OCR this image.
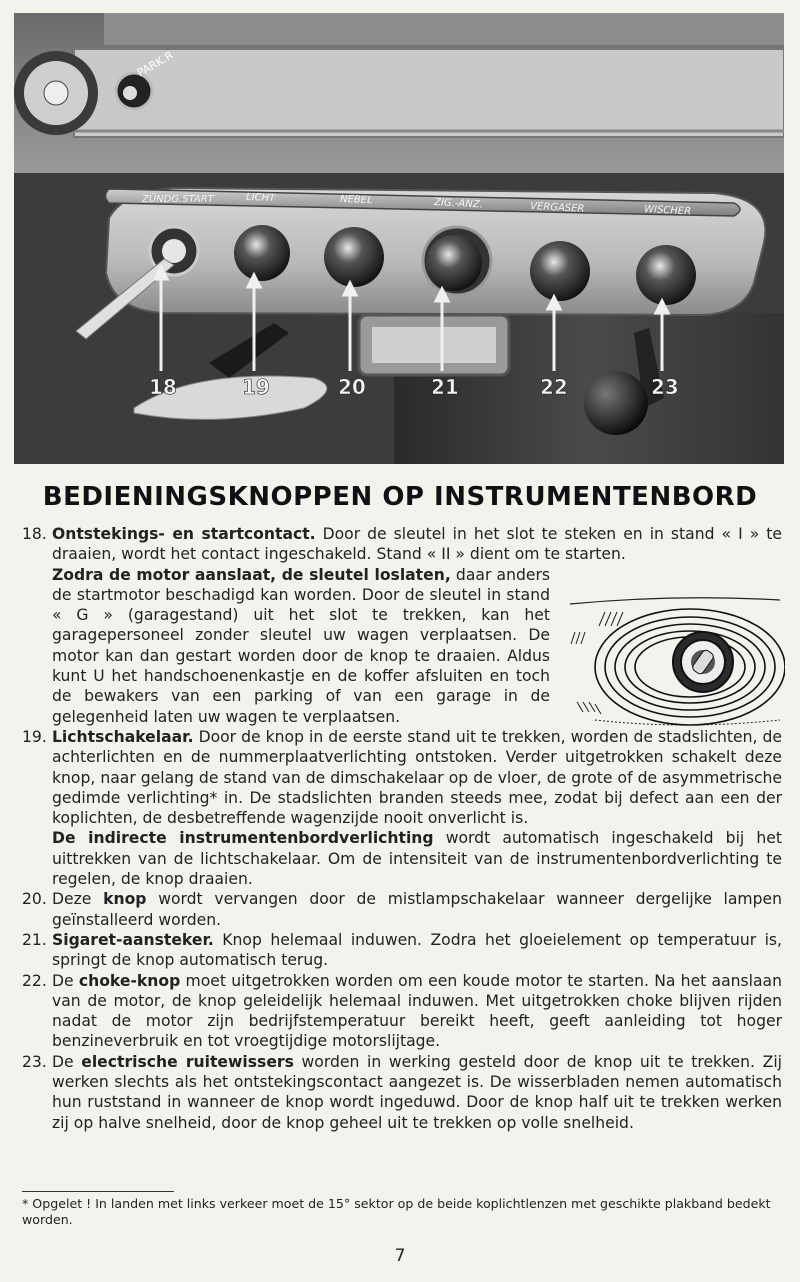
PARK.R
ZÜNDG.START	LICHT	NEBEL	ZIG.-ANZ.	VERGASER	WISCHER
18	19	20	21	22	23
BEDIENINGSKNOPPEN OP INSTRUMENTENBORD
18. Ontstekings- en startcontact. Door de sleutel in het slot te steken en in stand « I » te draaien, wordt het contact ingeschakeld. Stand « II » dient om te starten.
Zodra de motor aanslaat, de sleutel loslaten, daar anders de startmotor beschadigd kan worden. Door de sleutel in stand « G » (garagestand) uit het slot te trekken, kan het garagepersoneel zonder sleutel uw wagen verplaatsen. De motor kan dan gestart worden door de knop te draaien. Aldus kunt U het handschoenenkastje en de koffer afsluiten en toch de bewakers van een parking of van een garage in de gelegenheid laten uw wagen te verplaatsen.
19. Lichtschakelaar. Door de knop in de eerste stand uit te trekken, worden de stadslichten, de achterlichten en de nummerplaatverlichting ontstoken. Verder uitgetrokken schakelt deze knop, naar gelang de stand van de dimschakelaar op de vloer, de grote of de asymmetrische gedimde verlichting* in. De stadslichten branden steeds mee, zodat bij defect aan een der koplichten, de desbetreffende wagenzijde nooit onverlicht is.
De indirecte instrumentenbordverlichting wordt automatisch ingeschakeld bij het uittrekken van de lichtschakelaar. Om de intensiteit van de instrumentenbordverlichting te regelen, de knop draaien.
20. Deze knop wordt vervangen door de mistlampschakelaar wanneer dergelijke lampen geïnstalleerd worden.
21. Sigaret-aansteker. Knop helemaal induwen. Zodra het gloeielement op temperatuur is, springt de knop automatisch terug.
22. De choke-knop moet uitgetrokken worden om een koude motor te starten. Na het aanslaan van de motor, de knop geleidelijk helemaal induwen. Met uitgetrokken choke blijven rijden nadat de motor zijn bedrijfstemperatuur bereikt heeft, geeft aanleiding tot hoger benzineverbruik en tot vroegtijdige motorslijtage.
23. De electrische ruitewissers worden in werking gesteld door de knop uit te trekken. Zij werken slechts als het ontstekingscontact aangezet is. De wisserbladen nemen automatisch hun ruststand in wanneer de knop wordt ingeduwd. Door de knop half uit te trekken werken zij op halve snelheid, door de knop geheel uit te trekken op volle snelheid.
* Opgelet ! In landen met links verkeer moet de 15° sektor op de beide koplichtlenzen met geschikte plakband bedekt worden.
7
